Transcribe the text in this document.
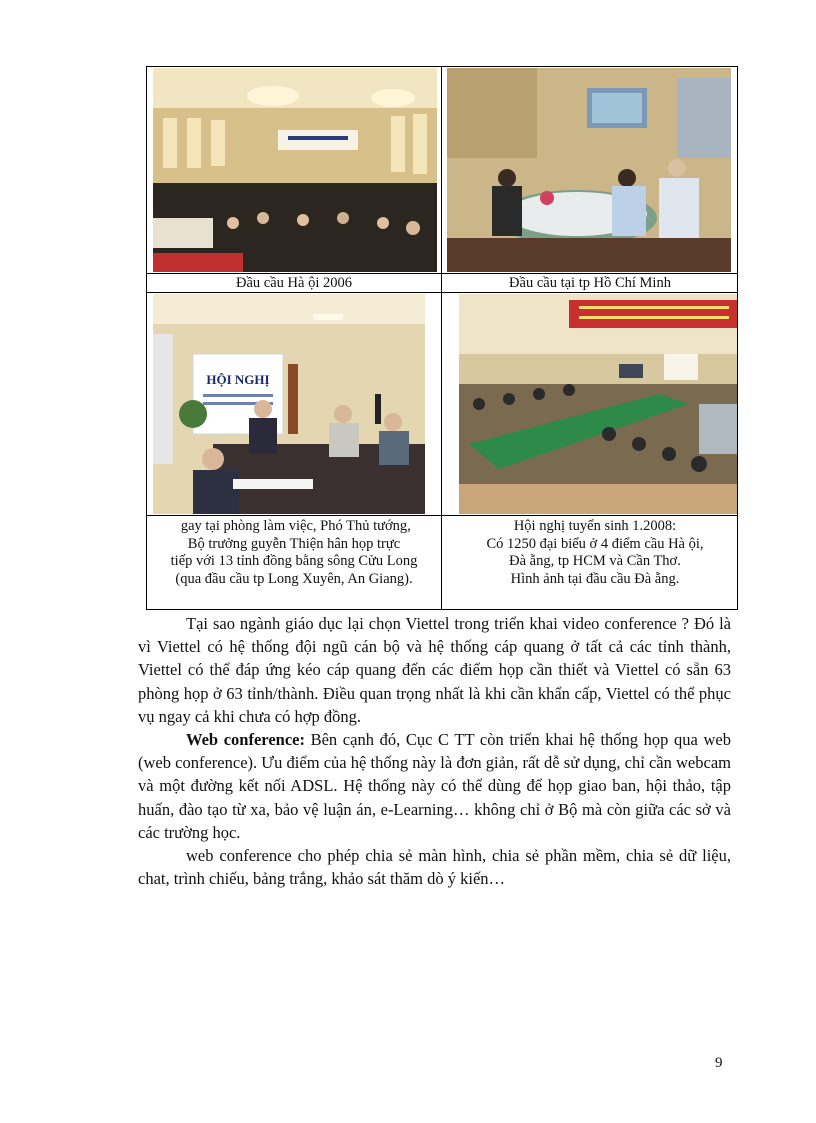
Đầu cầu Hà ội 2006	Đầu cầu tại tp Hồ Chí Minh
HỘI NGHỊ
‌ gay tại phòng làm việc, Phó Thủ tướng,
Bộ trưởng guyễn Thiện hân họp trực
tiếp với 13 tỉnh đồng bằng sông Cửu Long
(qua đầu cầu tp Long Xuyên, An Giang).
Hội nghị tuyển sinh 1.2008:
Có 1250 đại biểu ở 4 điểm cầu Hà ội,
Đà ẵng, tp HCM và Cần Thơ.
Hình ảnh tại đầu cầu Đà ẵng.

Tại sao ngành giáo dục lại chọn Viettel trong triển khai video conference ? Đó là vì Viettel có hệ thống đội ngũ cán bộ và hệ thống cáp quang ở tất cả các tỉnh thành, Viettel có thể đáp ứng kéo cáp quang đến các điểm họp cần thiết và Viettel có sẵn 63 phòng họp ở 63 tỉnh/thành. Điều quan trọng nhất là khi cần khẩn cấp, Viettel có thể phục vụ ngay cả khi chưa có hợp đồng.

Web conference: Bên cạnh đó, Cục C TT còn triển khai hệ thống họp qua web (web conference). Ưu điểm của hệ thống này là đơn giản, rất dễ sử dụng, chỉ cần webcam và một đường kết nối ADSL. Hệ thống này có thể dùng để họp giao ban, hội thảo, tập huấn, đào tạo từ xa, bảo vệ luận án, e-Learning… không chỉ ở Bộ mà còn giữa các sở và các trường học.

web conference cho phép chia sẻ màn hình, chia sẻ phần mềm, chia sẻ dữ liệu, chat, trình chiếu, bảng trắng, khảo sát thăm dò ý kiến…

9
